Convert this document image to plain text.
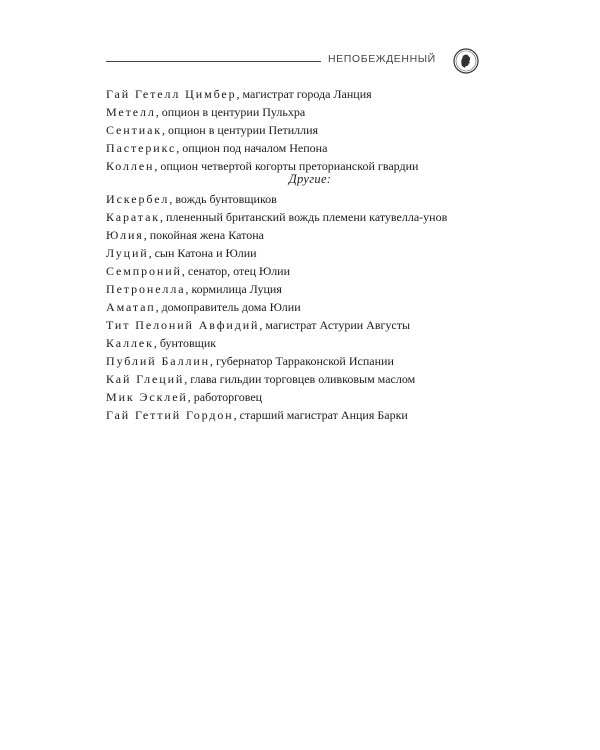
НЕПОБЕЖДЕННЫЙ
Гай Гетелл Цимбер, магистрат города Ланция
Метелл, опцион в центурии Пульхра
Сентиак, опцион в центурии Петиллия
Пастерикс, опцион под началом Непона
Коллен, опцион четвертой когорты преторианской гвардии
Другие:
Искербел, вождь бунтовщиков
Каратак, плененный британский вождь племени катувелла-унов
Юлия, покойная жена Катона
Луций, сын Катона и Юлии
Семпроний, сенатор, отец Юлии
Петронелла, кормилица Луция
Аматап, домоправитель дома Юлии
Тит Пелоний Авфидий, магистрат Астурии Августы
Каллек, бунтовщик
Публий Баллин, губернатор Тарраконской Испании
Кай Глеций, глава гильдии торговцев оливковым маслом
Мик Эсклей, работорговец
Гай Геттий Гордон, старший магистрат Анция Барки
